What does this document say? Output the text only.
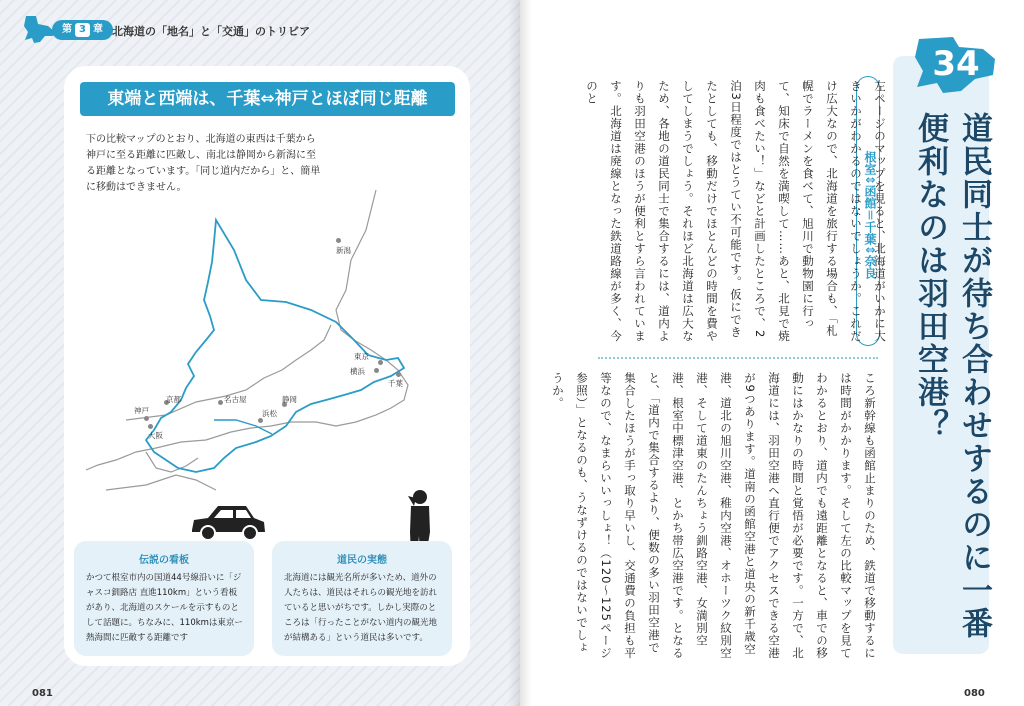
第 3 章 北海道の「地名」と「交通」のトリビア
東端と西端は、千葉⇔神戸とほぼ同じ距離
下の比較マップのとおり、北海道の東西は千葉から神戸に至る距離に匹敵し、南北は静岡から新潟に至る距離となっています。「同じ道内だから」と、簡単に移動はできません。
新潟
東京
横浜
千葉
京都	名古屋	静岡
浜松
神戸
大阪
伝説の看板
かつて根室市内の国道44号線沿いに「ジャスコ釧路店 直進110km」という看板があり、北海道のスケールを示すものとして話題に。ちなみに、110kmは東京ー熱海間に匹敵する距離です
道民の実態
北海道には観光名所が多いため、道外の人たちは、道民はそれらの観光地を訪れていると思いがちです。しかし実際のところは「行ったことがない道内の観光地が結構ある」という道民は多いです。
081
34
道民同士が待ち合わせするのに一番便利なのは羽田空港？
根室⇕函館＝千葉⇕奈良
左ページのマップを見ると、北海道がいかに大きいかがわかるのではないでしょうか。これだけ広大なので、北海道を旅行する場合も、「札幌でラーメンを食べて、旭川で動物園に行って、知床で自然を満喫して……あと、北見で焼肉も食べたい！」などと計画したところで、2泊3日程度ではとうてい不可能です。仮にできたとしても、移動だけでほとんどの時間を費やしてしまうでしょう。それほど北海道は広大なため、各地の道民同士で集合するには、道内よりも羽田空港のほうが便利とすら言われています。北海道は廃線となった鉄道路線が多く、今のと
ころ新幹線も函館止まりのため、鉄道で移動するには時間がかかります。そして左の比較マップを見てわかるとおり、道内でも遠距離となると、車での移動にはかなりの時間と覚悟が必要です。一方で、北海道には、羽田空港へ直行便でアクセスできる空港が9つあります。道南の函館空港と道央の新千歳空港、道北の旭川空港、稚内空港、オホーツク紋別空港、そして道東のたんちょう釧路空港、女満別空港、根室中標津空港、とかち帯広空港です。となると、「道内で集合するより、便数の多い羽田空港で集合したほうが手っ取り早いし、交通費の負担も平等なので、なまらいいっしょ！（120〜125ページ参照）」となるのも、うなずけるのではないでしょうか。
080
